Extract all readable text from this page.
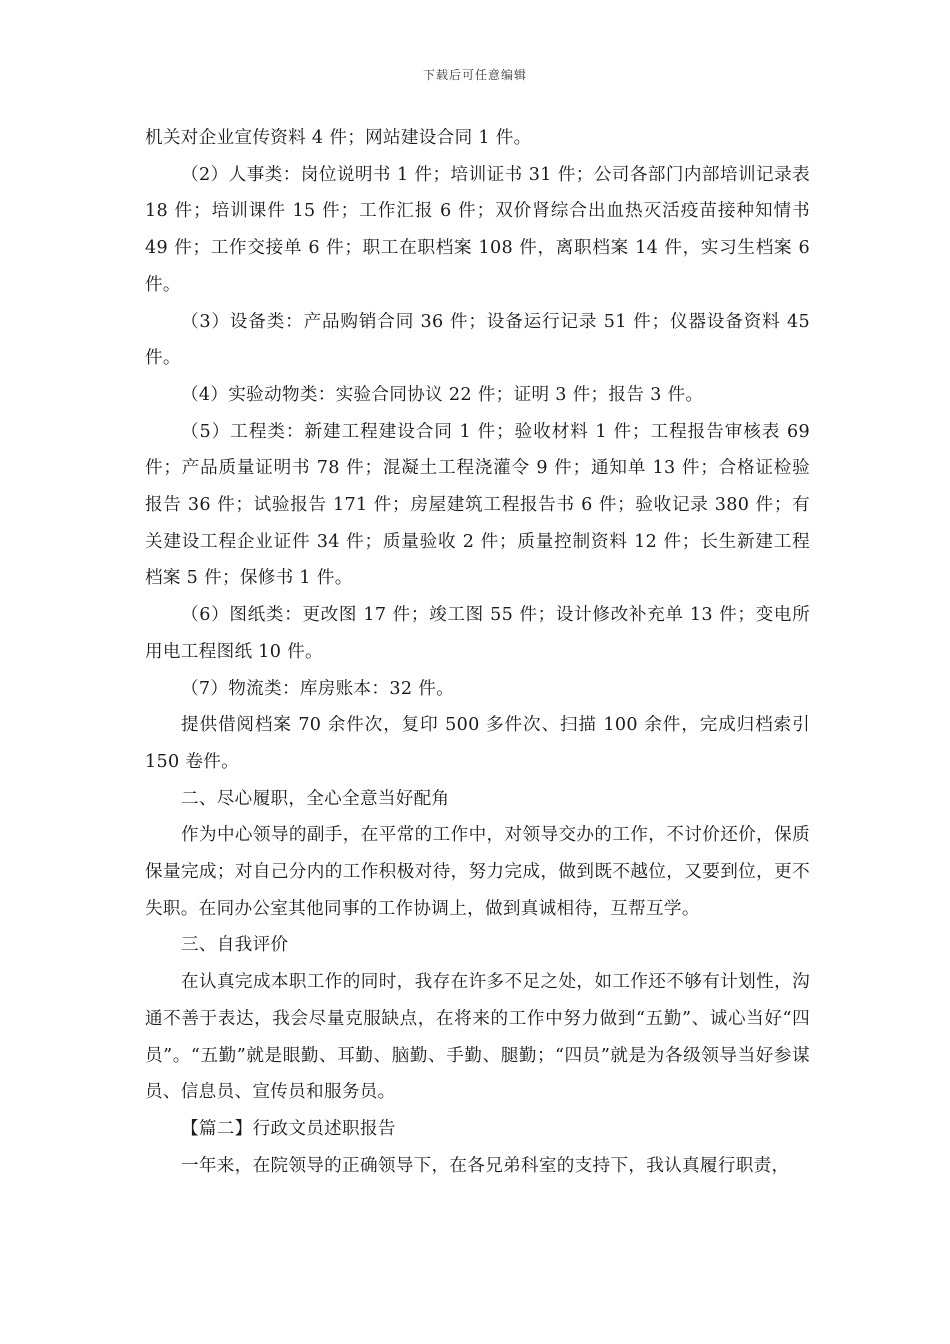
下载后可任意编辑

机关对企业宣传资料 4 件；网站建设合同 1 件。

（2）人事类：岗位说明书 1 件；培训证书 31 件；公司各部门内部培训记录表 18 件；培训课件 15 件；工作汇报 6 件；双价肾综合出血热灭活疫苗接种知情书 49 件；工作交接单 6 件；职工在职档案 108 件，离职档案 14 件，实习生档案 6 件。

（3）设备类：产品购销合同 36 件；设备运行记录 51 件；仪器设备资料 45 件。

（4）实验动物类：实验合同协议 22 件；证明 3 件；报告 3 件。

（5）工程类：新建工程建设合同 1 件；验收材料 1 件；工程报告审核表 69 件；产品质量证明书 78 件；混凝土工程浇灌令 9 件；通知单 13 件；合格证检验报告 36 件；试验报告 171 件；房屋建筑工程报告书 6 件；验收记录 380 件；有关建设工程企业证件 34 件；质量验收 2 件；质量控制资料 12 件；长生新建工程档案 5 件；保修书 1 件。

（6）图纸类：更改图 17 件；竣工图 55 件；设计修改补充单 13 件；变电所用电工程图纸 10 件。

（7）物流类：库房账本：32 件。

提供借阅档案 70 余件次，复印 500 多件次、扫描 100 余件，完成归档索引 150 卷件。

二、尽心履职，全心全意当好配角

作为中心领导的副手，在平常的工作中，对领导交办的工作，不讨价还价，保质保量完成；对自己分内的工作积极对待，努力完成，做到既不越位，又要到位，更不失职。在同办公室其他同事的工作协调上，做到真诚相待，互帮互学。

三、自我评价

在认真完成本职工作的同时，我存在许多不足之处，如工作还不够有计划性，沟通不善于表达，我会尽量克服缺点，在将来的工作中努力做到“五勤”、诚心当好“四员”。“五勤”就是眼勤、耳勤、脑勤、手勤、腿勤；“四员”就是为各级领导当好参谋员、信息员、宣传员和服务员。

【篇二】行政文员述职报告

一年来，在院领导的正确领导下，在各兄弟科室的支持下，我认真履行职责，
